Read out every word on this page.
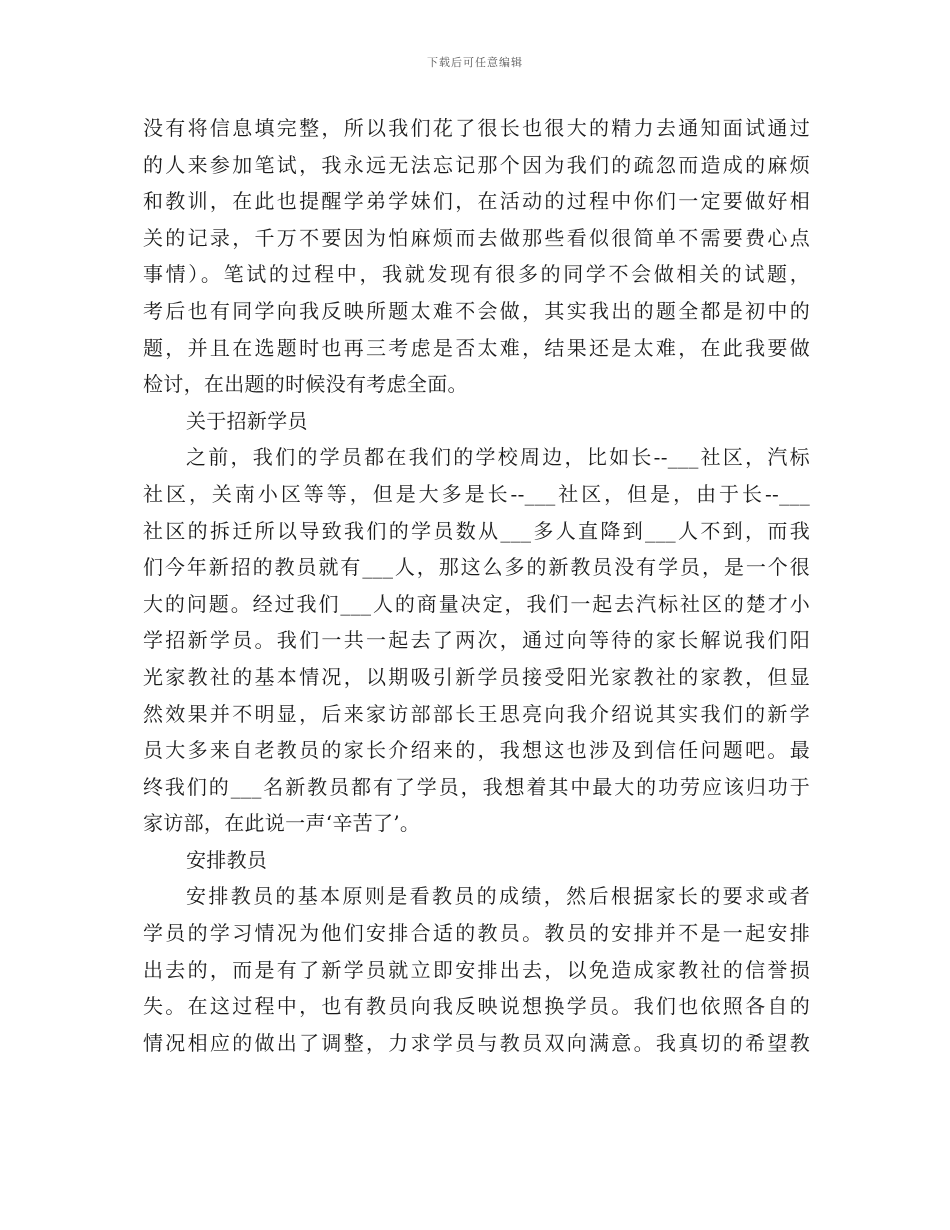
下载后可任意编辑
没有将信息填完整，所以我们花了很长也很大的精力去通知面试通过
的人来参加笔试，我永远无法忘记那个因为我们的疏忽而造成的麻烦
和教训，在此也提醒学弟学妹们，在活动的过程中你们一定要做好相
关的记录，千万不要因为怕麻烦而去做那些看似很简单不需要费心点
事情）。笔试的过程中，我就发现有很多的同学不会做相关的试题，
考后也有同学向我反映所题太难不会做，其实我出的题全都是初中的
题，并且在选题时也再三考虑是否太难，结果还是太难，在此我要做
检讨，在出题的时候没有考虑全面。
关于招新学员
之前，我们的学员都在我们的学校周边，比如长--___社区，汽标
社区，关南小区等等，但是大多是长--___社区，但是，由于长--___
社区的拆迁所以导致我们的学员数从___多人直降到___人不到，而我
们今年新招的教员就有___人，那这么多的新教员没有学员，是一个很
大的问题。经过我们___人的商量决定，我们一起去汽标社区的楚才小
学招新学员。我们一共一起去了两次，通过向等待的家长解说我们阳
光家教社的基本情况，以期吸引新学员接受阳光家教社的家教，但显
然效果并不明显，后来家访部部长王思亮向我介绍说其实我们的新学
员大多来自老教员的家长介绍来的，我想这也涉及到信任问题吧。最
终我们的___名新教员都有了学员，我想着其中最大的功劳应该归功于
家访部，在此说一声‘辛苦了’。
安排教员
安排教员的基本原则是看教员的成绩，然后根据家长的要求或者
学员的学习情况为他们安排合适的教员。教员的安排并不是一起安排
出去的，而是有了新学员就立即安排出去，以免造成家教社的信誉损
失。在这过程中，也有教员向我反映说想换学员。我们也依照各自的
情况相应的做出了调整，力求学员与教员双向满意。我真切的希望教
